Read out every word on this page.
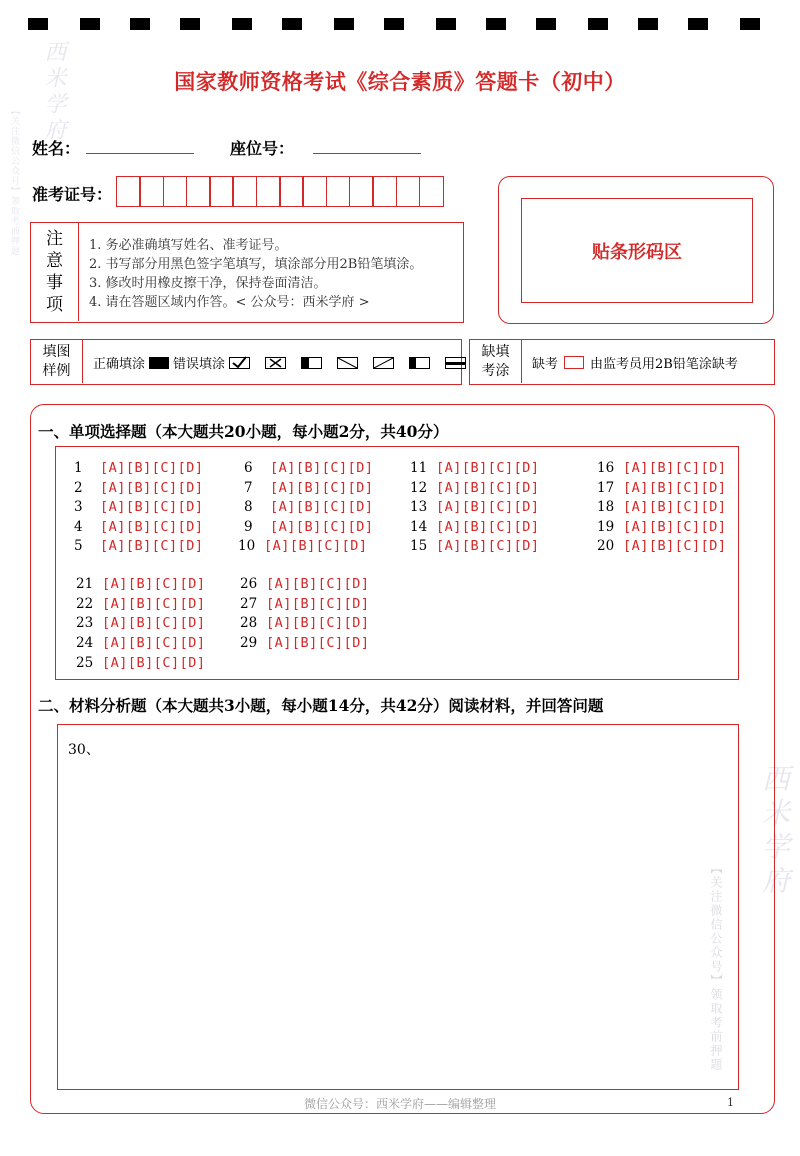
西米学府
【关注微信公众号】领取考前押题
西米学府
【关注微信公众号】领取考前押题
国家教师资格考试《综合素质》答题卡（初中）
姓名：	座位号：
准考证号：
注意事项
1. 务必准确填写姓名、准考证号。
2. 书写部分用黑色签字笔填写，填涂部分用2B铅笔填涂。
3. 修改时用橡皮擦干净，保持卷面清洁。
4. 请在答题区域内作答。< 公众号：西米学府 >
贴条形码区
填图样例 正确填涂 错误填涂
缺填考涂 缺考 由监考员用2B铅笔涂缺考
一、单项选择题（本大题共20小题，每小题2分，共40分）
1 [A][B][C][D]
2 [A][B][C][D]
3 [A][B][C][D]
4 [A][B][C][D]
5 [A][B][C][D]
6 [A][B][C][D]
7 [A][B][C][D]
8 [A][B][C][D]
9 [A][B][C][D]
10 [A][B][C][D]
11 [A][B][C][D]
12 [A][B][C][D]
13 [A][B][C][D]
14 [A][B][C][D]
15 [A][B][C][D]
16 [A][B][C][D]
17 [A][B][C][D]
18 [A][B][C][D]
19 [A][B][C][D]
20 [A][B][C][D]
21 [A][B][C][D]
22 [A][B][C][D]
23 [A][B][C][D]
24 [A][B][C][D]
25 [A][B][C][D]
26 [A][B][C][D]
27 [A][B][C][D]
28 [A][B][C][D]
29 [A][B][C][D]
二、材料分析题（本大题共3小题，每小题14分，共42分）阅读材料，并回答问题
30、
微信公众号：西米学府——编辑整理	1
